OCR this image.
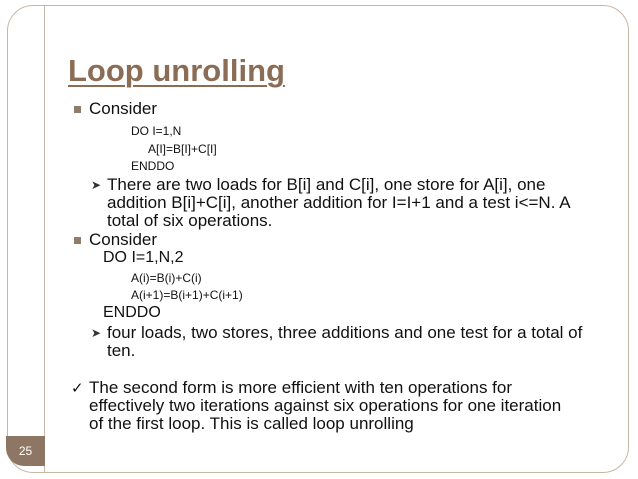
Loop unrolling
Consider
DO I=1,N
A[I]=B[I]+C[I]
ENDDO
➤ There are two loads for B[i] and C[i], one store for A[i], one
addition B[i]+C[i], another addition for I=I+1 and a test i<=N. A
total of six operations.
Consider
DO I=1,N,2
A(i)=B(i)+C(i)
A(i+1)=B(i+1)+C(i+1)
ENDDO
➤ four loads, two stores, three additions and one test for a total of
ten.
✓ The second form is more efficient with ten operations for
effectively two iterations against six operations for one iteration
of the first loop. This is called loop unrolling
25
